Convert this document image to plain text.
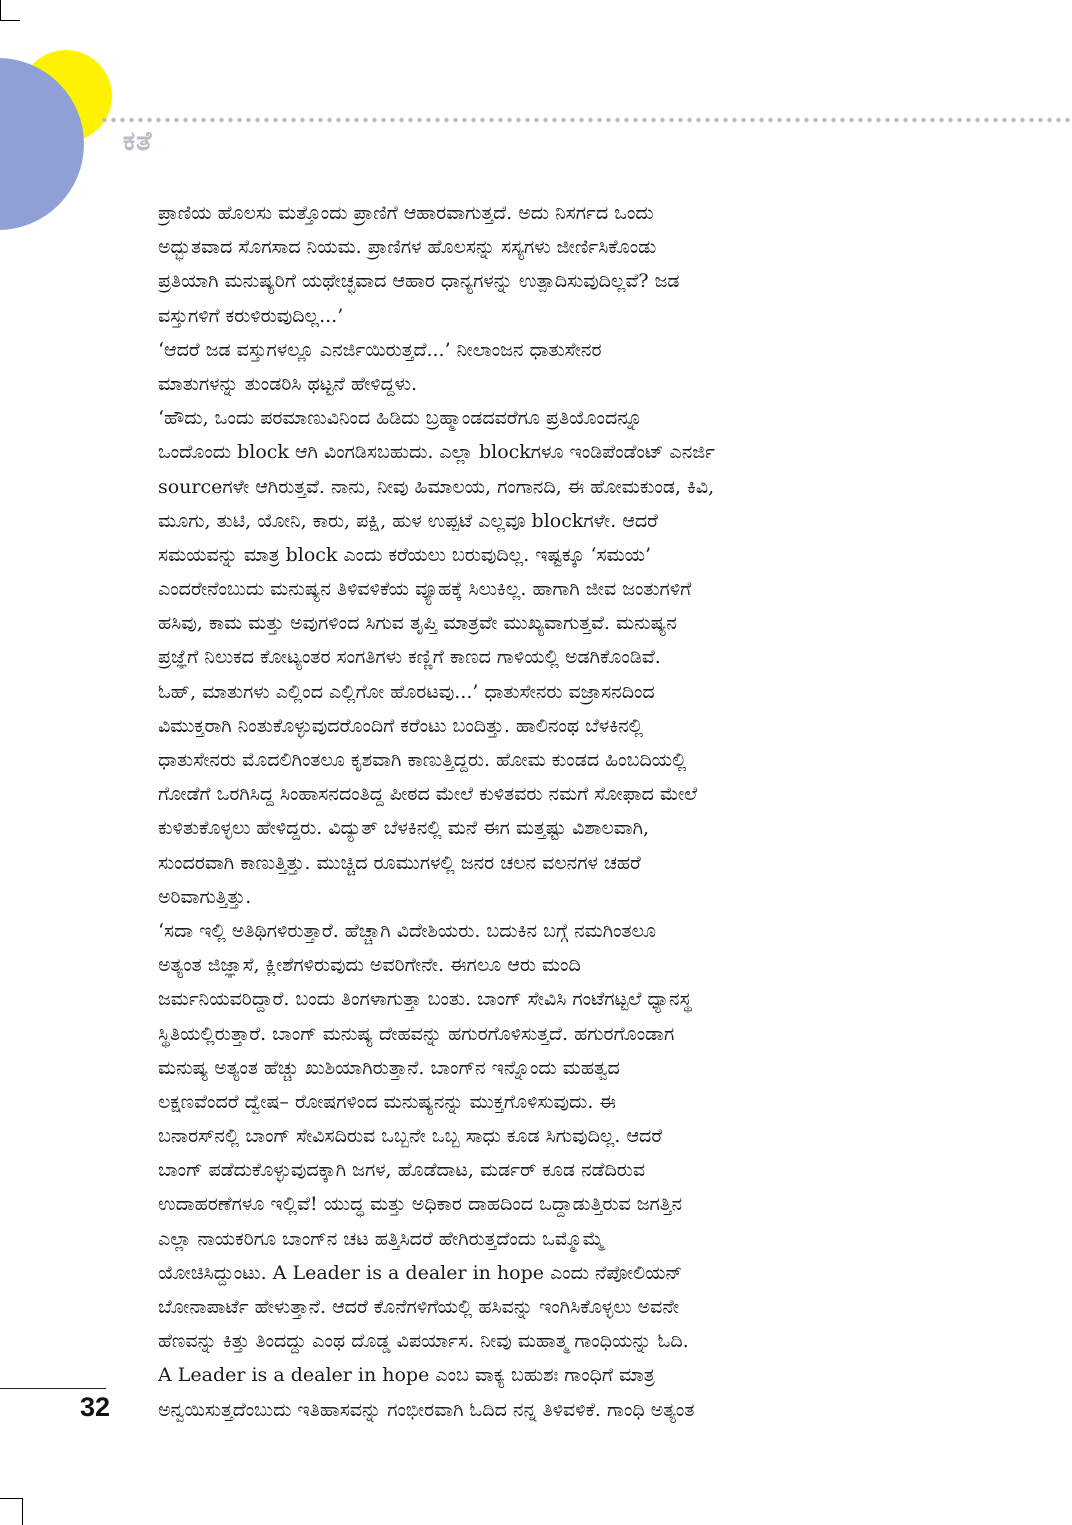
ಕತೆ
ಪ್ರಾಣಿಯ ಹೊಲಸು ಮತ್ತೊಂದು ಪ್ರಾಣಿಗೆ ಆಹಾರವಾಗುತ್ತದೆ. ಅದು ನಿಸರ್ಗದ ಒಂದು
ಅದ್ಭುತವಾದ ಸೊಗಸಾದ ನಿಯಮ. ಪ್ರಾಣಿಗಳ ಹೊಲಸನ್ನು ಸಸ್ಯಗಳು ಜೀರ್ಣಿಸಿಕೊಂಡು
ಪ್ರತಿಯಾಗಿ ಮನುಷ್ಯರಿಗೆ ಯಥೇಚ್ಛವಾದ ಆಹಾರ ಧಾನ್ಯಗಳನ್ನು ಉತ್ಪಾದಿಸುವುದಿಲ್ಲವೆ? ಜಡ
ವಸ್ತುಗಳಿಗೆ ಕರುಳಿರುವುದಿಲ್ಲ...’
‘ಆದರೆ ಜಡ ವಸ್ತುಗಳಲ್ಲೂ ಎನರ್ಜಿಯಿರುತ್ತದೆ...’ ನೀಲಾಂಜನ ಧಾತುಸೇನರ
ಮಾತುಗಳನ್ನು ತುಂಡರಿಸಿ ಥಟ್ಟನೆ ಹೇಳಿದ್ದಳು.
‘ಹೌದು, ಒಂದು ಪರಮಾಣುವಿನಿಂದ ಹಿಡಿದು ಬ್ರಹ್ಮಾಂಡದವರೆಗೂ ಪ್ರತಿಯೊಂದನ್ನೂ
ಒಂದೊಂದು block ಆಗಿ ವಿಂಗಡಿಸಬಹುದು. ಎಲ್ಲಾ blockಗಳೂ ಇಂಡಿಪೆಂಡೆಂಟ್ ಎನರ್ಜಿ
sourceಗಳೇ ಆಗಿರುತ್ತವೆ. ನಾನು, ನೀವು ಹಿಮಾಲಯ, ಗಂಗಾನದಿ, ಈ ಹೋಮಕುಂಡ, ಕಿವಿ,
ಮೂಗು, ತುಟಿ, ಯೋನಿ, ಕಾರು, ಪಕ್ಷಿ, ಹುಳ ಉಪ್ಪಟೆ ಎಲ್ಲವೂ blockಗಳೇ. ಆದರೆ
ಸಮಯವನ್ನು ಮಾತ್ರ block ಎಂದು ಕರೆಯಲು ಬರುವುದಿಲ್ಲ. ಇಷ್ಟಕ್ಕೂ ‘ಸಮಯ’
ಎಂದರೇನೆಂಬುದು ಮನುಷ್ಯನ ತಿಳಿವಳಿಕೆಯ ವ್ಯೂಹಕ್ಕೆ ಸಿಲುಕಿಲ್ಲ. ಹಾಗಾಗಿ ಜೀವ ಜಂತುಗಳಿಗೆ
ಹಸಿವು, ಕಾಮ ಮತ್ತು ಅವುಗಳಿಂದ ಸಿಗುವ ತೃಪ್ತಿ ಮಾತ್ರವೇ ಮುಖ್ಯವಾಗುತ್ತವೆ. ಮನುಷ್ಯನ
ಪ್ರಜ್ಞೆಗೆ ನಿಲುಕದ ಕೋಟ್ಯಂತರ ಸಂಗತಿಗಳು ಕಣ್ಣಿಗೆ ಕಾಣದ ಗಾಳಿಯಲ್ಲಿ ಅಡಗಿಕೊಂಡಿವೆ.
ಓಹ್, ಮಾತುಗಳು ಎಲ್ಲಿಂದ ಎಲ್ಲಿಗೋ ಹೊರಟವು...’ ಧಾತುಸೇನರು ವಜ್ರಾಸನದಿಂದ
ವಿಮುಕ್ತರಾಗಿ ನಿಂತುಕೊಳ್ಳುವುದರೊಂದಿಗೆ ಕರೆಂಟು ಬಂದಿತ್ತು. ಹಾಲಿನಂಥ ಬೆಳಕಿನಲ್ಲಿ
ಧಾತುಸೇನರು ಮೊದಲಿಗಿಂತಲೂ ಕೃಶವಾಗಿ ಕಾಣುತ್ತಿದ್ದರು. ಹೋಮ ಕುಂಡದ ಹಿಂಬದಿಯಲ್ಲಿ
ಗೋಡೆಗೆ ಒರಗಿಸಿದ್ದ ಸಿಂಹಾಸನದಂತಿದ್ದ ಪೀಠದ ಮೇಲೆ ಕುಳಿತವರು ನಮಗೆ ಸೋಫಾದ ಮೇಲೆ
ಕುಳಿತುಕೊಳ್ಳಲು ಹೇಳಿದ್ದರು. ವಿದ್ಯುತ್ ಬೆಳಕಿನಲ್ಲಿ ಮನೆ ಈಗ ಮತ್ತಷ್ಟು ವಿಶಾಲವಾಗಿ,
ಸುಂದರವಾಗಿ ಕಾಣುತ್ತಿತ್ತು. ಮುಚ್ಚಿದ ರೂಮುಗಳಲ್ಲಿ ಜನರ ಚಲನ ವಲನಗಳ ಚಹರೆ
ಅರಿವಾಗುತ್ತಿತ್ತು.
‘ಸದಾ ಇಲ್ಲಿ ಅತಿಥಿಗಳಿರುತ್ತಾರೆ. ಹೆಚ್ಚಾಗಿ ವಿದೇಶಿಯರು. ಬದುಕಿನ ಬಗ್ಗೆ ನಮಗಿಂತಲೂ
ಅತ್ಯಂತ ಜಿಜ್ಞಾಸೆ, ಕ್ಲೀಶೆಗಳಿರುವುದು ಅವರಿಗೇನೇ. ಈಗಲೂ ಆರು ಮಂದಿ
ಜರ್ಮನಿಯವರಿದ್ದಾರೆ. ಬಂದು ತಿಂಗಳಾಗುತ್ತಾ ಬಂತು. ಬಾಂಗ್ ಸೇವಿಸಿ ಗಂಟೆಗಟ್ಟಲೆ ಧ್ಯಾನಸ್ಥ
ಸ್ಥಿತಿಯಲ್ಲಿರುತ್ತಾರೆ. ಬಾಂಗ್ ಮನುಷ್ಯ ದೇಹವನ್ನು ಹಗುರಗೊಳಿಸುತ್ತದೆ. ಹಗುರಗೊಂಡಾಗ
ಮನುಷ್ಯ ಅತ್ಯಂತ ಹೆಚ್ಚು ಖುಶಿಯಾಗಿರುತ್ತಾನೆ. ಬಾಂಗ್‌ನ ಇನ್ನೊಂದು ಮಹತ್ವದ
ಲಕ್ಷಣವೆಂದರೆ ದ್ವೇಷ– ರೋಷಗಳಿಂದ ಮನುಷ್ಯನನ್ನು ಮುಕ್ತಗೊಳಿಸುವುದು. ಈ
ಬನಾರಸ್‌ನಲ್ಲಿ ಬಾಂಗ್ ಸೇವಿಸದಿರುವ ಒಬ್ಬನೇ ಒಬ್ಬ ಸಾಧು ಕೂಡ ಸಿಗುವುದಿಲ್ಲ. ಆದರೆ
ಬಾಂಗ್ ಪಡೆದುಕೊಳ್ಳುವುದಕ್ಕಾಗಿ ಜಗಳ, ಹೊಡೆದಾಟ, ಮರ್ಡರ್ ಕೂಡ ನಡೆದಿರುವ
ಉದಾಹರಣೆಗಳೂ ಇಲ್ಲಿವೆ! ಯುದ್ಧ ಮತ್ತು ಅಧಿಕಾರ ದಾಹದಿಂದ ಒದ್ದಾಡುತ್ತಿರುವ ಜಗತ್ತಿನ
ಎಲ್ಲಾ ನಾಯಕರಿಗೂ ಬಾಂಗ್‌ನ ಚಟ ಹತ್ತಿಸಿದರೆ ಹೇಗಿರುತ್ತದೆಂದು ಒಮ್ಮೊಮ್ಮೆ
ಯೋಚಿಸಿದ್ದುಂಟು. A Leader is a dealer in hope ಎಂದು ನೆಪೋಲಿಯನ್
ಬೋನಾಪಾರ್ಟೆ ಹೇಳುತ್ತಾನೆ. ಆದರೆ ಕೊನೆಗಳಿಗೆಯಲ್ಲಿ ಹಸಿವನ್ನು ಇಂಗಿಸಿಕೊಳ್ಳಲು ಅವನೇ
ಹೆಣವನ್ನು ಕಿತ್ತು ತಿಂದದ್ದು ಎಂಥ ದೊಡ್ಡ ವಿಪರ್ಯಾಸ. ನೀವು ಮಹಾತ್ಮ ಗಾಂಧಿಯನ್ನು ಓದಿ.
A Leader is a dealer in hope ಎಂಬ ವಾಕ್ಯ ಬಹುಶಃ ಗಾಂಧಿಗೆ ಮಾತ್ರ
ಅನ್ವಯಿಸುತ್ತದೆಂಬುದು ಇತಿಹಾಸವನ್ನು ಗಂಭೀರವಾಗಿ ಓದಿದ ನನ್ನ ತಿಳಿವಳಿಕೆ. ಗಾಂಧಿ ಅತ್ಯಂತ
32
